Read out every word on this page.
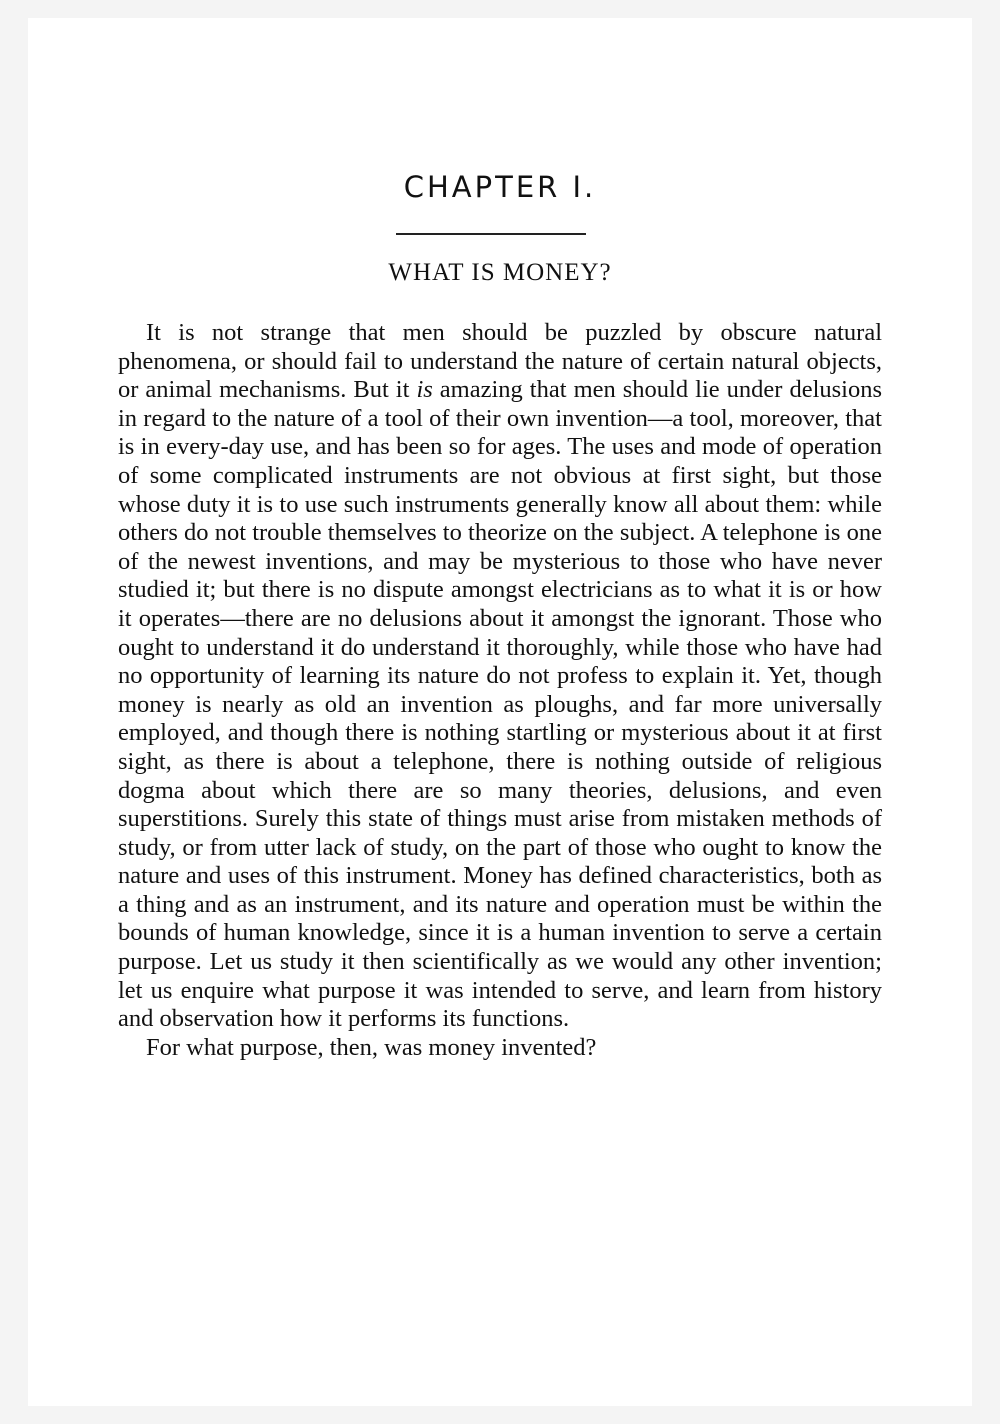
CHAPTER I.
WHAT IS MONEY?

It is not strange that men should be puzzled by obscure natural phenomena, or should fail to understand the nature of certain natural objects, or animal mechanisms. But it is amazing that men should lie under delusions in regard to the nature of a tool of their own invention—a tool, moreover, that is in every-day use, and has been so for ages. The uses and mode of operation of some complicated instruments are not obvious at first sight, but those whose duty it is to use such instruments generally know all about them: while others do not trouble themselves to theorize on the subject. A telephone is one of the newest inventions, and may be mysterious to those who have never studied it; but there is no dispute amongst electricians as to what it is or how it operates—there are no delusions about it amongst the ignorant. Those who ought to understand it do understand it thoroughly, while those who have had no opportunity of learning its nature do not profess to explain it. Yet, though money is nearly as old an invention as ploughs, and far more universally employed, and though there is nothing startling or mysterious about it at first sight, as there is about a telephone, there is nothing outside of religious dogma about which there are so many theories, delusions, and even superstitions. Surely this state of things must arise from mistaken methods of study, or from utter lack of study, on the part of those who ought to know the nature and uses of this instrument. Money has defined characteristics, both as a thing and as an instrument, and its nature and operation must be within the bounds of human knowledge, since it is a human invention to serve a certain purpose. Let us study it then scientifically as we would any other invention; let us enquire what purpose it was intended to serve, and learn from history and observation how it performs its functions.

For what purpose, then, was money invented?
